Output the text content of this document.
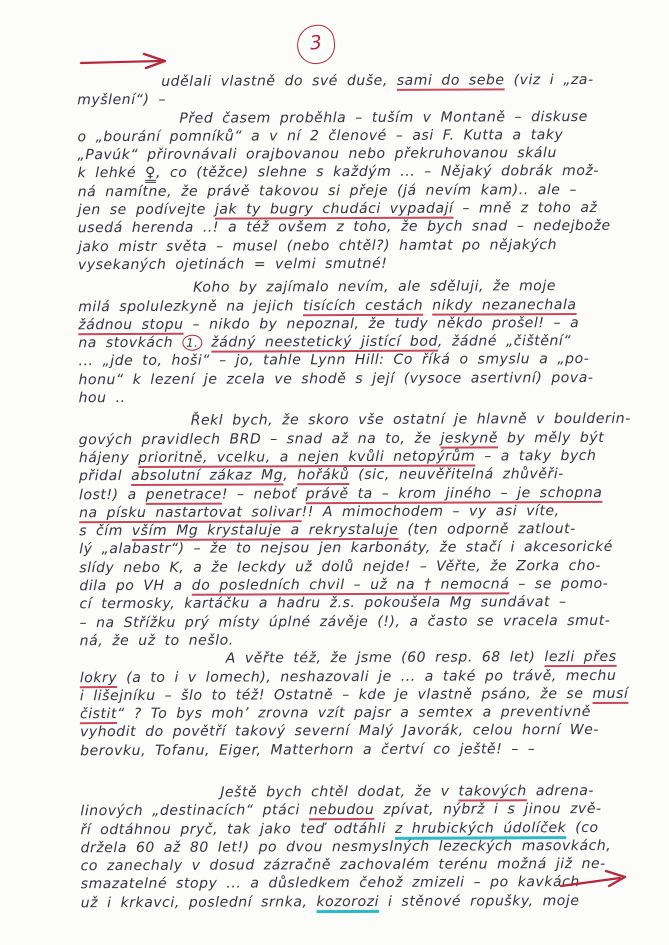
3
udělali vlastně do své duše, sami do sebe (viz i „za-
myšlení“) –
Před časem proběhla – tuším v Montaně – diskuse
o „bourání pomníků“ a v ní 2 členové – asi F. Kutta a taky
„Pavúk“ přirovnávali orajbovanou nebo překruhovanou skálu
k lehké ♀, co (těžce) slehne s každým ... – Nějaký dobrák mož-
ná namítne, že právě takovou si přeje (já nevím kam).. ale –
jen se podívejte jak ty bugry chudáci vypadají – mně z toho až
usedá herenda ..! a též ovšem z toho, že bych snad – nedejbože
jako mistr světa – musel (nebo chtěl?) hamtat po nějakých
vysekaných ojetinách = velmi smutné!
Koho by zajímalo nevím, ale sděluji, že moje
milá spolulezkyně na jejich tisících cestách nikdy nezanechala
žádnou stopu – nikdo by nepoznal, že tudy někdo prošel! – a
na stovkách 1. žádný neestetický jistící bod, žádné „čištění“
... „jde to, hoši“ – jo, tahle Lynn Hill: Co říká o smyslu a „po-
honu“ k lezení je zcela ve shodě s její (vysoce asertivní) pova-
hou ..
Řekl bych, že skoro vše ostatní je hlavně v boulderin-
gových pravidlech BRD – snad až na to, že jeskyně by měly být
hájeny prioritně, vcelku, a nejen kvůli netopýrům – a taky bych
přidal absolutní zákaz Mg, hořáků (sic, neuvěřitelná zhůvěři-
lost!) a penetrace! – neboť právě ta – krom jiného – je schopna
na písku nastartovat solivar!! A mimochodem – vy asi víte,
s čím vším Mg krystaluje a rekrystaluje (ten odporně zatlout-
lý „alabastr“) – že to nejsou jen karbonáty, že stačí i akcesorické
slídy nebo K, a že leckdy už dolů nejde! – Věřte, že Zorka cho-
dila po VH a do posledních chvil – už na † nemocná – se pomo-
cí termosky, kartáčku a hadru ž.s. pokoušela Mg sundávat –
– na Střížku prý místy úplné závěje (!), a často se vracela smut-
ná, že už to nešlo.
A věřte též, že jsme (60 resp. 68 let) lezli přes
lokry (a to i v lomech), neshazovali je ... a také po trávě, mechu
i lišejníku – šlo to též! Ostatně – kde je vlastně psáno, že se musí
čistit“ ? To bys moh’ zrovna vzít pajsr a semtex a preventivně
vyhodit do povětří takový severní Malý Javorák, celou horní We-
berovku, Tofanu, Eiger, Matterhorn a čertví co ještě! – –
Ještě bych chtěl dodat, že v takových adrena-
linových „destinacích“ ptáci nebudou zpívat, nýbrž i s jinou zvě-
ří odtáhnou pryč, tak jako teď odtáhli z hrubických údolíček (co
držela 60 až 80 let!) po dvou nesmyslných lezeckých masovkách,
co zanechaly v dosud zázračně zachovalém terénu možná již ne-
smazatelné stopy ... a důsledkem čehož zmizeli – po kavkách –
už i krkavci, poslední srnka, kozorozi i stěnové ropušky, moje
